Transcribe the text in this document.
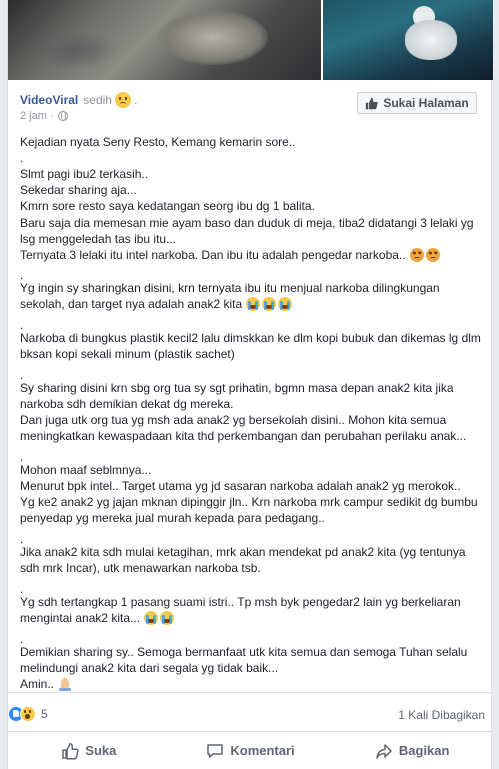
VideoViral sedih .
2 jam ·
Sukai Halaman
Kejadian nyata Seny Resto, Kemang kemarin sore..
.
Slmt pagi ibu2 terkasih..
Sekedar sharing aja...
Kmrn sore resto saya kedatangan seorg ibu dg 1 balita.
Baru saja dia memesan mie ayam baso dan duduk di meja, tiba2 didatangi 3 lelaki yg
lsg menggeledah tas ibu itu...
Ternyata 3 lelaki itu intel narkoba. Dan ibu itu adalah pengedar narkoba..
.
Yg ingin sy sharingkan disini, krn ternyata ibu itu menjual narkoba dilingkungan
sekolah, dan target nya adalah anak2 kita
.
Narkoba di bungkus plastik kecil2 lalu dimskkan ke dlm kopi bubuk dan dikemas lg dlm
bksan kopi sekali minum (plastik sachet)
.
Sy sharing disini krn sbg org tua sy sgt prihatin, bgmn masa depan anak2 kita jika
narkoba sdh demikian dekat dg mereka.
Dan juga utk org tua yg msh ada anak2 yg bersekolah disini.. Mohon kita semua
meningkatkan kewaspadaan kita thd perkembangan dan perubahan perilaku anak...
.
Mohon maaf seblmnya...
Menurut bpk intel.. Target utama yg jd sasaran narkoba adalah anak2 yg merokok..
Yg ke2 anak2 yg jajan mknan dipinggir jln.. Krn narkoba mrk campur sedikit dg bumbu
penyedap yg mereka jual murah kepada para pedagang..
.
Jika anak2 kita sdh mulai ketagihan, mrk akan mendekat pd anak2 kita (yg tentunya
sdh mrk Incar), utk menawarkan narkoba tsb.
.
Yg sdh tertangkap 1 pasang suami istri.. Tp msh byk pengedar2 lain yg berkeliaran
mengintai anak2 kita...
.
Demikian sharing sy.. Semoga bermanfaat utk kita semua dan semoga Tuhan selalu
melindungi anak2 kita dari segala yg tidak baik...
Amin..
5	1 Kali Dibagikan
Suka	Komentari	Bagikan
